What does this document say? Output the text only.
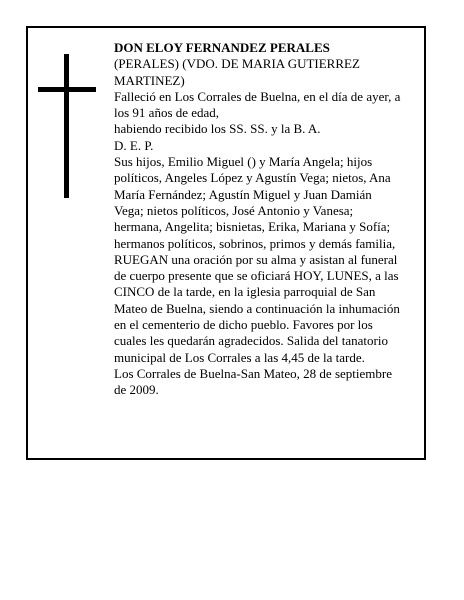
DON ELOY FERNANDEZ PERALES
(PERALES) (VDO. DE MARIA GUTIERREZ
MARTINEZ)
Falleció en Los Corrales de Buelna, en el día de ayer, a
los 91 años de edad,
habiendo recibido los SS. SS. y la B. A.
D. E. P.
Sus hijos, Emilio Miguel () y María Angela; hijos
políticos, Angeles López y Agustín Vega; nietos, Ana
María Fernández; Agustín Miguel y Juan Damián
Vega; nietos políticos, José Antonio y Vanesa;
hermana, Angelita; bisnietas, Erika, Mariana y Sofía;
hermanos políticos, sobrinos, primos y demás familia,
RUEGAN una oración por su alma y asistan al funeral
de cuerpo presente que se oficiará HOY, LUNES, a las
CINCO de la tarde, en la iglesia parroquial de San
Mateo de Buelna, siendo a continuación la inhumación
en el cementerio de dicho pueblo. Favores por los
cuales les quedarán agradecidos. Salida del tanatorio
municipal de Los Corrales a las 4,45 de la tarde.
Los Corrales de Buelna-San Mateo, 28 de septiembre
de 2009.
